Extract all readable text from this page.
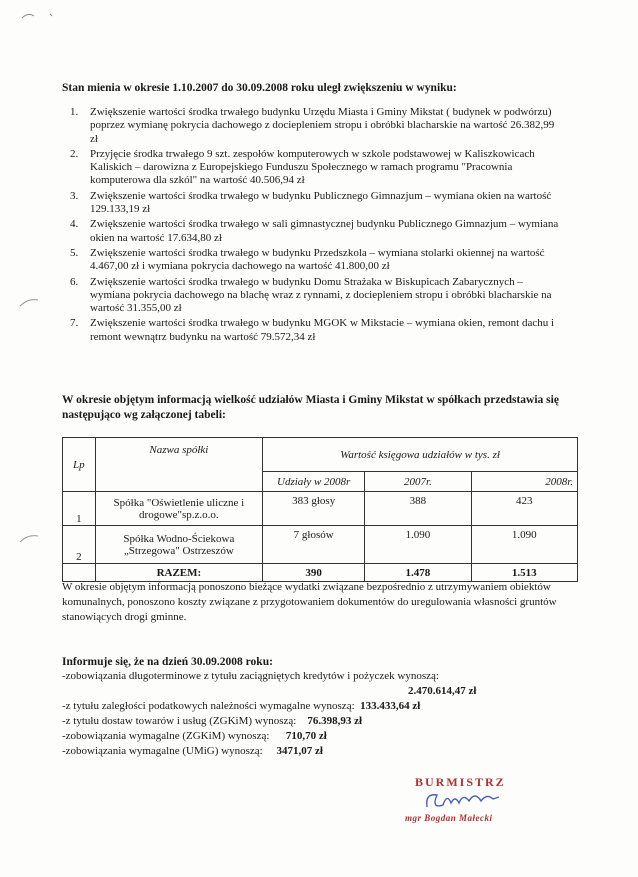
Stan mienia w okresie 1.10.2007 do 30.09.2008 roku uległ zwiększeniu w wyniku:
1. Zwiększenie wartości środka trwałego budynku Urzędu Miasta i Gminy Mikstat ( budynek w podwórzu) poprzez wymianę pokrycia dachowego z dociepleniem stropu i obróbki blacharskie na wartość 26.382,99 zł
2. Przyjęcie środka trwałego 9 szt. zespołów komputerowych w szkole podstawowej w Kaliszkowicach Kaliskich – darowizna z Europejskiego Funduszu Społecznego w ramach programu "Pracownia komputerowa dla szkól" na wartość 40.506,94 zł
3. Zwiększenie wartości środka trwałego w budynku Publicznego Gimnazjum – wymiana okien na wartość 129.133,19 zł
4. Zwiększenie wartości środka trwałego w sali gimnastycznej budynku Publicznego Gimnazjum – wymiana okien na wartość 17.634,80 zł
5. Zwiększenie wartości środka trwałego w budynku Przedszkola – wymiana stolarki okiennej na wartość 4.467,00 zł i wymiana pokrycia dachowego na wartość 41.800,00 zł
6. Zwiększenie wartości środka trwałego w budynku Domu Strażaka w Biskupicach Zabarycznych – wymiana pokrycia dachowego na blachę wraz z rynnami, z dociepleniem stropu i obróbki blacharskie na wartość 31.355,00 zł
7. Zwiększenie wartości środka trwałego w budynku MGOK w Mikstacie – wymiana okien, remont dachu i remont wewnątrz budynku na wartość 79.572,34 zł
W okresie objętym informacją wielkość udziałów Miasta i Gminy Mikstat w spółkach przedstawia się następująco wg załączonej tabeli:
Lp	Nazwa spółki	Wartość księgowa udziałów w tys. zł		
		Udziały w 2008r	2007r.	2008r.
1	Spółka "Oświetlenie uliczne i drogowe"sp.z.o.o.	383 głosy	388	423
2	Spółka Wodno-Ściekowa „Strzegowa" Ostrzeszów	7 głosów	1.090	1.090
	RAZEM:	390	1.478	1.513
W okresie objętym informacją ponoszono bieżące wydatki związane bezpośrednio z utrzymywaniem obiektów komunalnych, ponoszono koszty związane z przygotowaniem dokumentów do uregulowania własności gruntów stanowiących drogi gminne.
Informuje się, że na dzień 30.09.2008 roku:
-zobowiązania długoterminowe z tytułu zaciągniętych kredytów i pożyczek wynoszą:
2.470.614,47 zł
-z tytułu zaległości podatkowych należności wymagalne wynoszą: 133.433,64 zł
-z tytułu dostaw towarów i usług (ZGKiM) wynoszą: 76.398,93 zł
-zobowiązania wymagalne (ZGKiM) wynoszą: 710,70 zł
-zobowiązania wymagalne (UMiG) wynoszą: 3471,07 zł
BURMISTRZ
mgr Bogdan Małecki
